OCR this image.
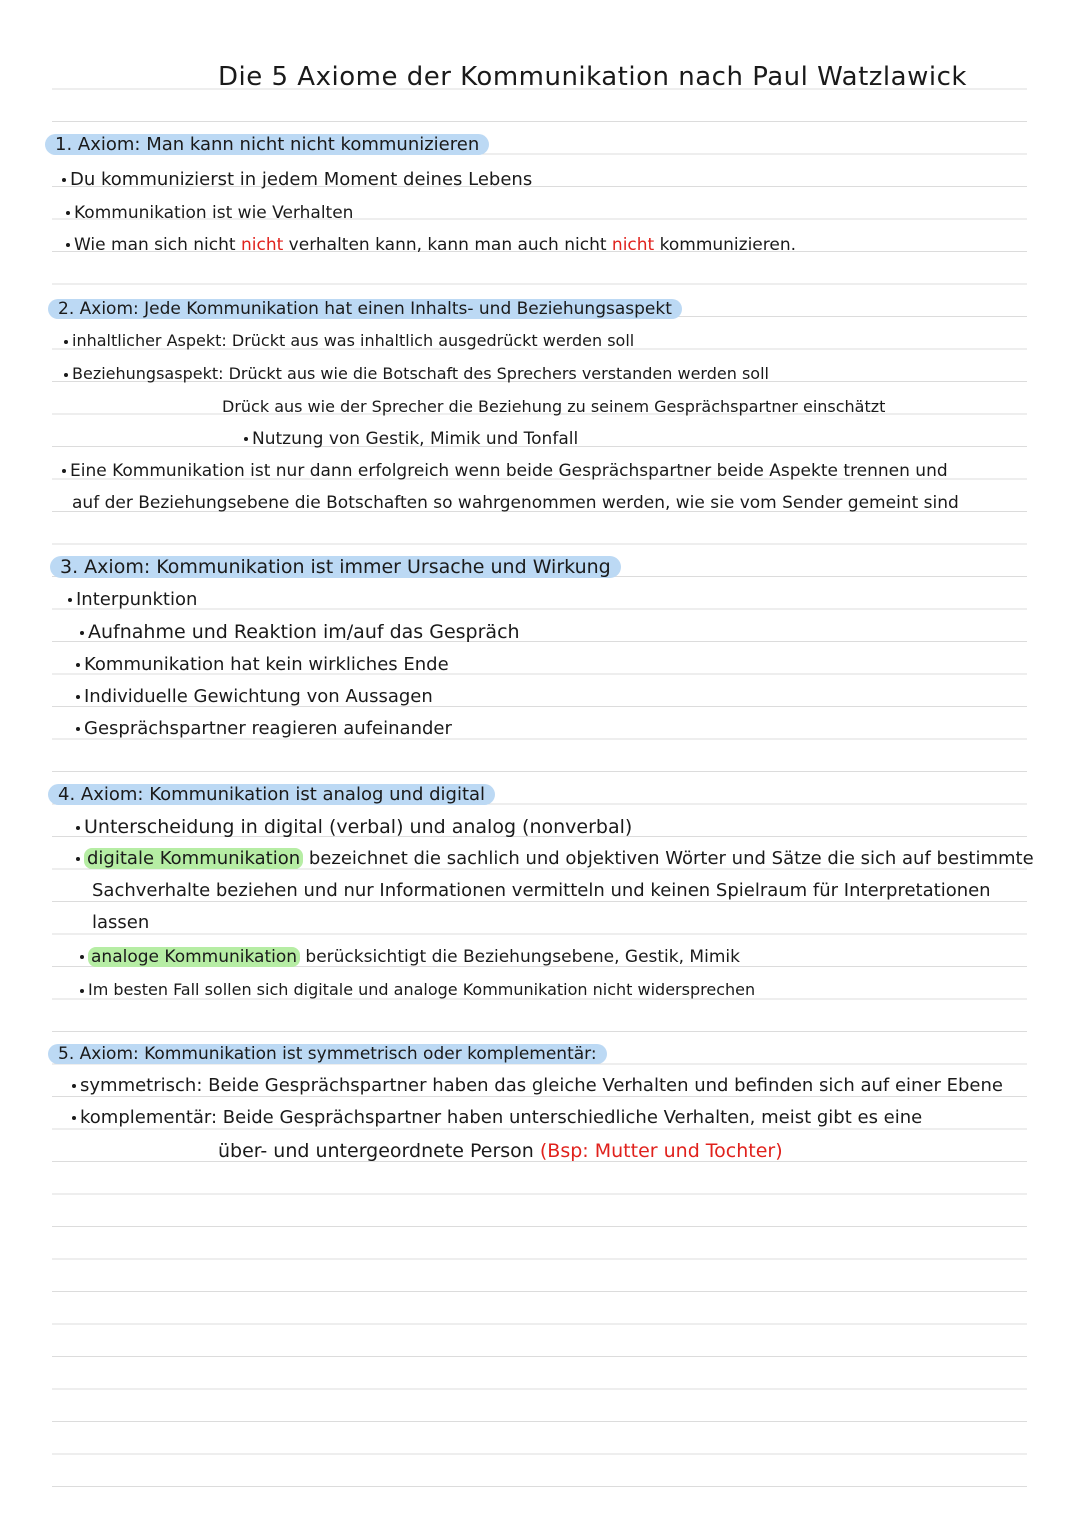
Die 5 Axiome der Kommunikation nach Paul Watzlawick
1. Axiom: Man kann nicht nicht kommunizieren
Du kommunizierst in jedem Moment deines Lebens
Kommunikation ist wie Verhalten
Wie man sich nicht nicht verhalten kann, kann man auch nicht nicht kommunizieren.
2. Axiom: Jede Kommunikation hat einen Inhalts- und Beziehungsaspekt
inhaltlicher Aspekt: Drückt aus was inhaltlich ausgedrückt werden soll
Beziehungsaspekt: Drückt aus wie die Botschaft des Sprechers verstanden werden soll
Drück aus wie der Sprecher die Beziehung zu seinem Gesprächspartner einschätzt
Nutzung von Gestik, Mimik und Tonfall
Eine Kommunikation ist nur dann erfolgreich wenn beide Gesprächspartner beide Aspekte trennen und
auf der Beziehungsebene die Botschaften so wahrgenommen werden, wie sie vom Sender gemeint sind
3. Axiom: Kommunikation ist immer Ursache und Wirkung
Interpunktion
Aufnahme und Reaktion im/auf das Gespräch
Kommunikation hat kein wirkliches Ende
Individuelle Gewichtung von Aussagen
Gesprächspartner reagieren aufeinander
4. Axiom: Kommunikation ist analog und digital
Unterscheidung in digital (verbal) und analog (nonverbal)
digitale Kommunikation bezeichnet die sachlich und objektiven Wörter und Sätze die sich auf bestimmte
Sachverhalte beziehen und nur Informationen vermitteln und keinen Spielraum für Interpretationen
lassen
analoge Kommunikation berücksichtigt die Beziehungsebene, Gestik, Mimik
Im besten Fall sollen sich digitale und analoge Kommunikation nicht widersprechen
5. Axiom: Kommunikation ist symmetrisch oder komplementär:
symmetrisch: Beide Gesprächspartner haben das gleiche Verhalten und befinden sich auf einer Ebene
komplementär: Beide Gesprächspartner haben unterschiedliche Verhalten, meist gibt es eine
über- und untergeordnete Person (Bsp: Mutter und Tochter)
